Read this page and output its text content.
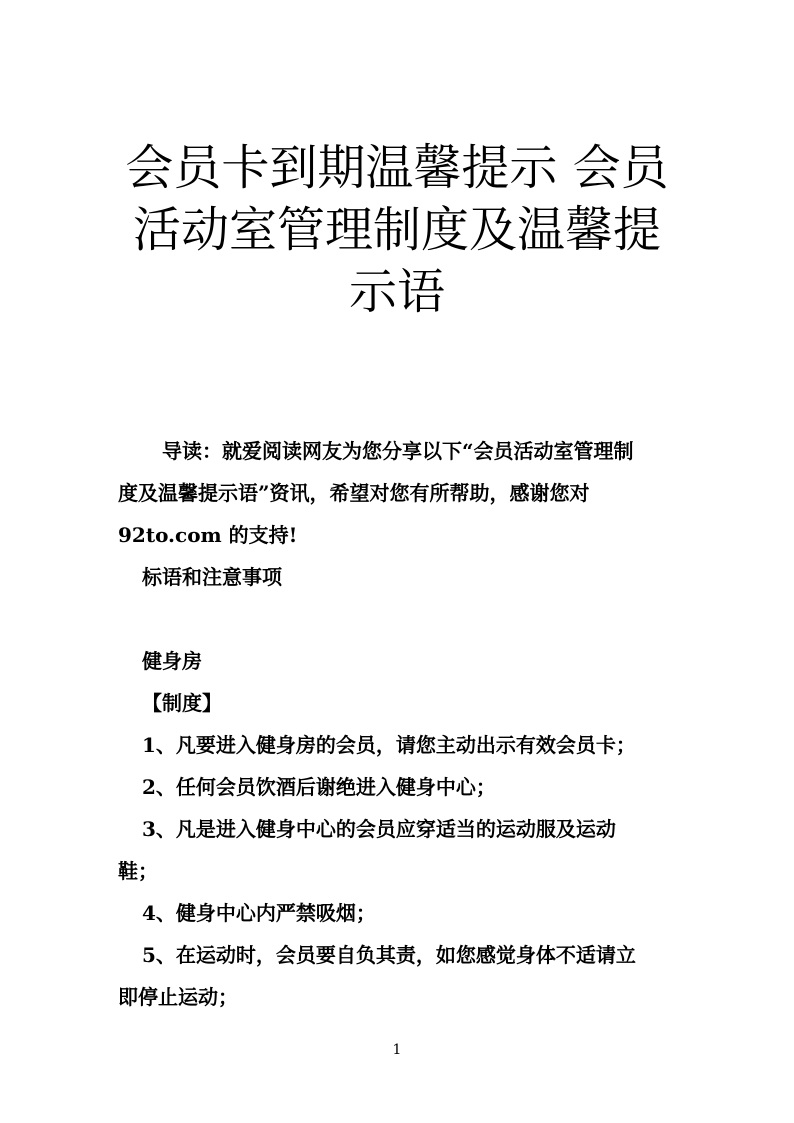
会员卡到期温馨提示 会员
活动室管理制度及温馨提
示语

导读：就爱阅读网友为您分享以下“会员活动室管理制

度及温馨提示语”资讯，希望对您有所帮助，感谢您对

92to.com 的支持!

标语和注意事项

健身房

【制度】

1、凡要进入健身房的会员，请您主动出示有效会员卡；

2、任何会员饮酒后谢绝进入健身中心；

3、凡是进入健身中心的会员应穿适当的运动服及运动

鞋；

4、健身中心内严禁吸烟；

5、在运动时，会员要自负其责，如您感觉身体不适请立

即停止运动；

1
